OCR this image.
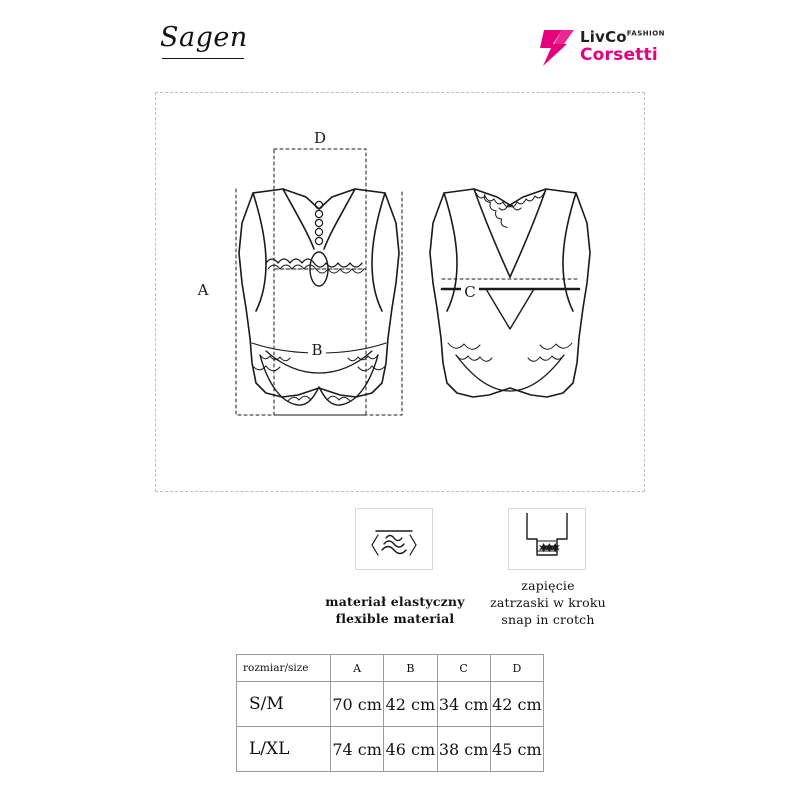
Sagen	LivCo$^{FASHION}$
Corsetti
A
B
C
D
materiał elastyczny
flexible material
zapięcie
zatrzaski w kroku
snap in crotch
rozmiar/size	A	B	C	D
S/M	70 cm	42 cm	34 cm	42 cm
L/XL	74 cm	46 cm	38 cm	45 cm
